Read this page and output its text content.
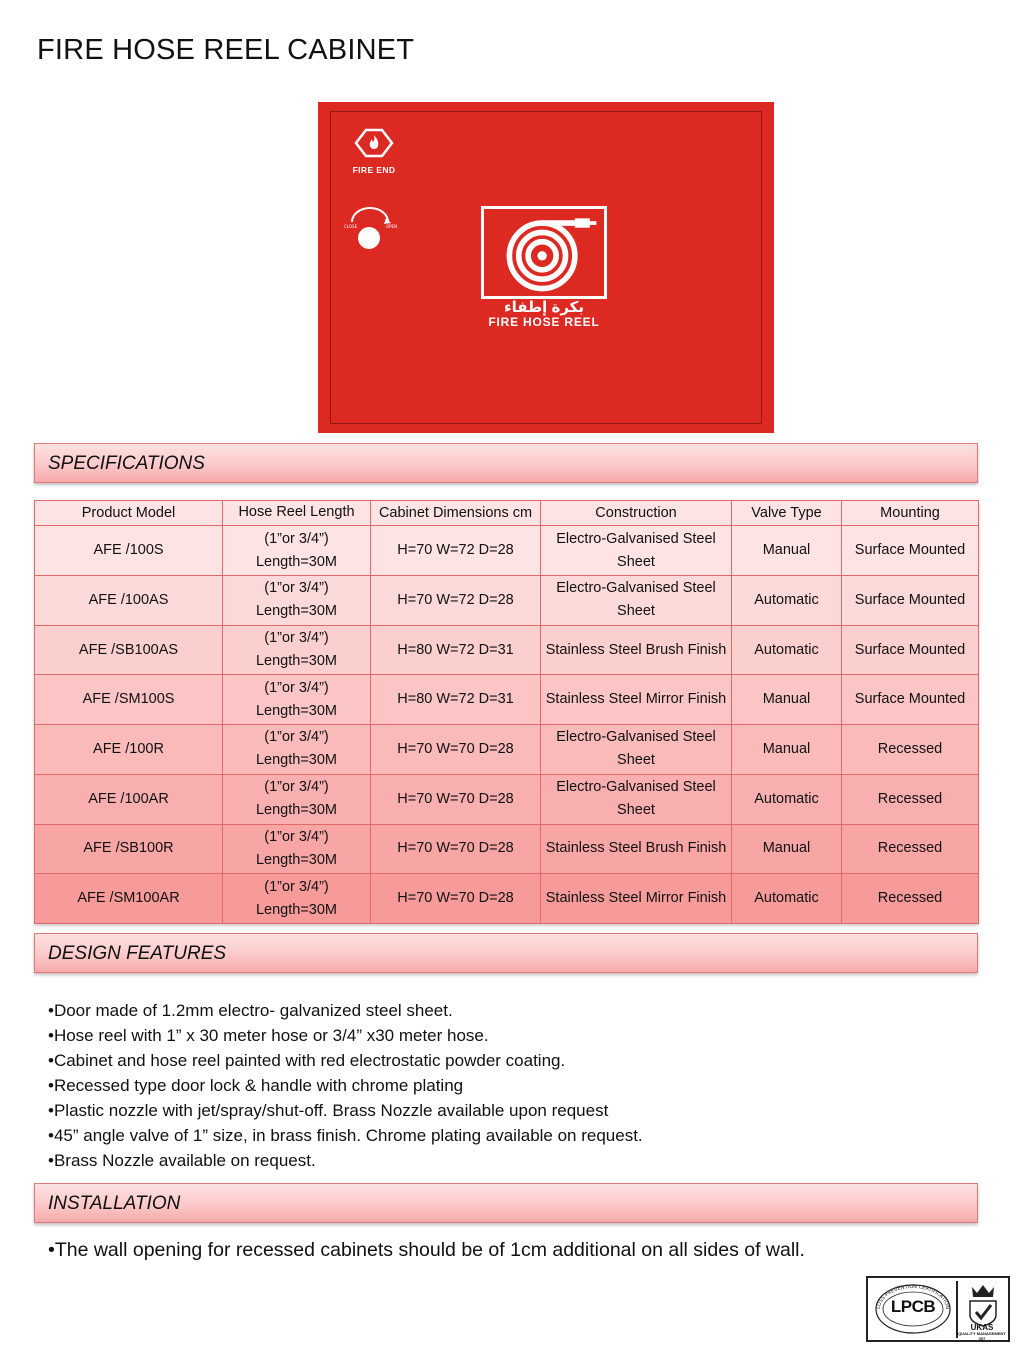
FIRE HOSE REEL CABINET
FIRE END
CLOSE	OPEN
بكرة إطفاء
FIRE HOSE REEL
SPECIFICATIONS
Product Model	Hose Reel Length	Cabinet Dimensions cm	Construction	Valve Type	Mounting
AFE /100S	(1”or 3/4”) Length=30M	H=70 W=72 D=28	Electro-Galvanised Steel Sheet	Manual	Surface Mounted
AFE /100AS	(1”or 3/4”) Length=30M	H=70 W=72 D=28	Electro-Galvanised Steel Sheet	Automatic	Surface Mounted
AFE /SB100AS	(1”or 3/4”) Length=30M	H=80 W=72 D=31	Stainless Steel Brush Finish	Automatic	Surface Mounted
AFE /SM100S	(1”or 3/4”) Length=30M	H=80 W=72 D=31	Stainless Steel Mirror Finish	Manual	Surface Mounted
AFE /100R	(1”or 3/4”) Length=30M	H=70 W=70 D=28	Electro-Galvanised Steel Sheet	Manual	Recessed
AFE /100AR	(1”or 3/4”) Length=30M	H=70 W=70 D=28	Electro-Galvanised Steel Sheet	Automatic	Recessed
AFE /SB100R	(1”or 3/4”) Length=30M	H=70 W=70 D=28	Stainless Steel Brush Finish	Manual	Recessed
AFE /SM100AR	(1”or 3/4”) Length=30M	H=70 W=70 D=28	Stainless Steel Mirror Finish	Automatic	Recessed
DESIGN FEATURES
•Door made of 1.2mm electro- galvanized steel sheet.
•Hose reel with 1” x 30 meter hose or 3/4” x30 meter hose.
•Cabinet and hose reel painted with red electrostatic powder coating.
•Recessed type door lock & handle with chrome plating
•Plastic nozzle with jet/spray/shut-off. Brass Nozzle available upon request
•45” angle valve of 1” size, in brass finish. Chrome plating available on request.
•Brass Nozzle available on request.
INSTALLATION
•The wall opening for recessed cabinets should be of 1cm additional on all sides of wall.
LOSS PREVENTION CERTIFICATION
LPCB
UKAS
QUALITY MANAGEMENT
007
